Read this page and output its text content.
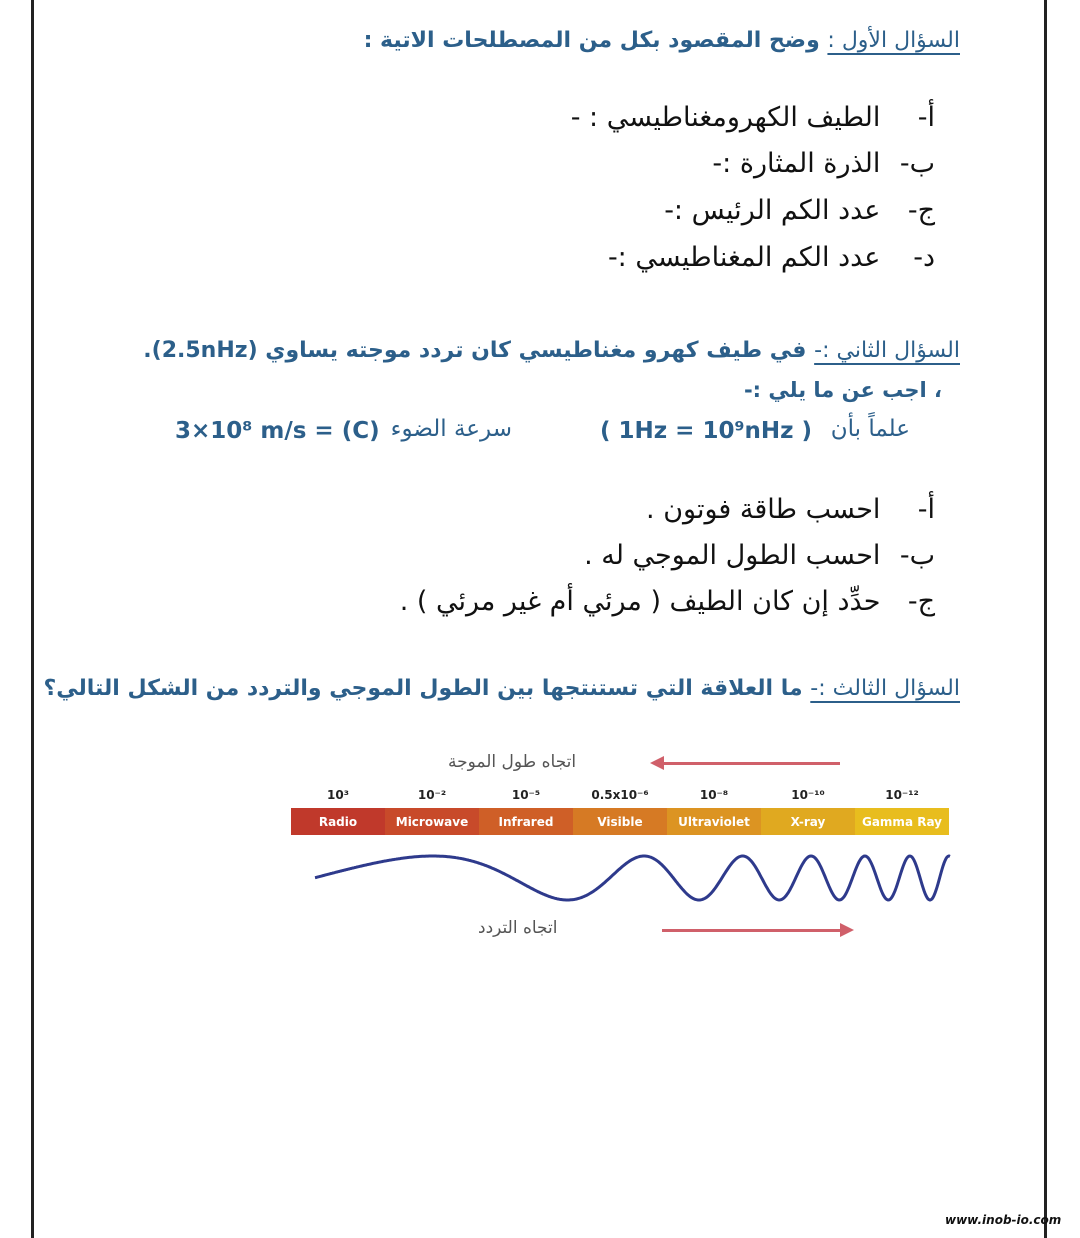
السؤال الأول : وضح المقصود بكل من المصطلحات الاتية :
أ- الطيف الكهرومغناطيسي : -
ب- الذرة المثارة :-
ج- عدد الكم الرئيس :-
د- عدد الكم المغناطيسي :-
السؤال الثاني :- في طيف كهرو مغناطيسي كان تردد موجته يساوي (2.5nHz).
، اجب عن ما يلي :-
علماً بأن
( 1Hz = 10⁹nHz )
سرعة الضوء
3×10⁸ m/s = (C)
أ- احسب طاقة فوتون .
ب- احسب الطول الموجي له .
ج- حدِّد إن كان الطيف ( مرئي أم غير مرئي ) .
السؤال الثالث :- ما العلاقة التي تستنتجها بين الطول الموجي والتردد من الشكل التالي؟
اتجاه طول الموجة
10³	10⁻²	10⁻⁵	0.5x10⁻⁶	10⁻⁸	10⁻¹⁰	10⁻¹²
Radio	Microwave	Infrared	Visible	Ultraviolet	X-ray	Gamma Ray
اتجاه التردد
www.inob-io.com
